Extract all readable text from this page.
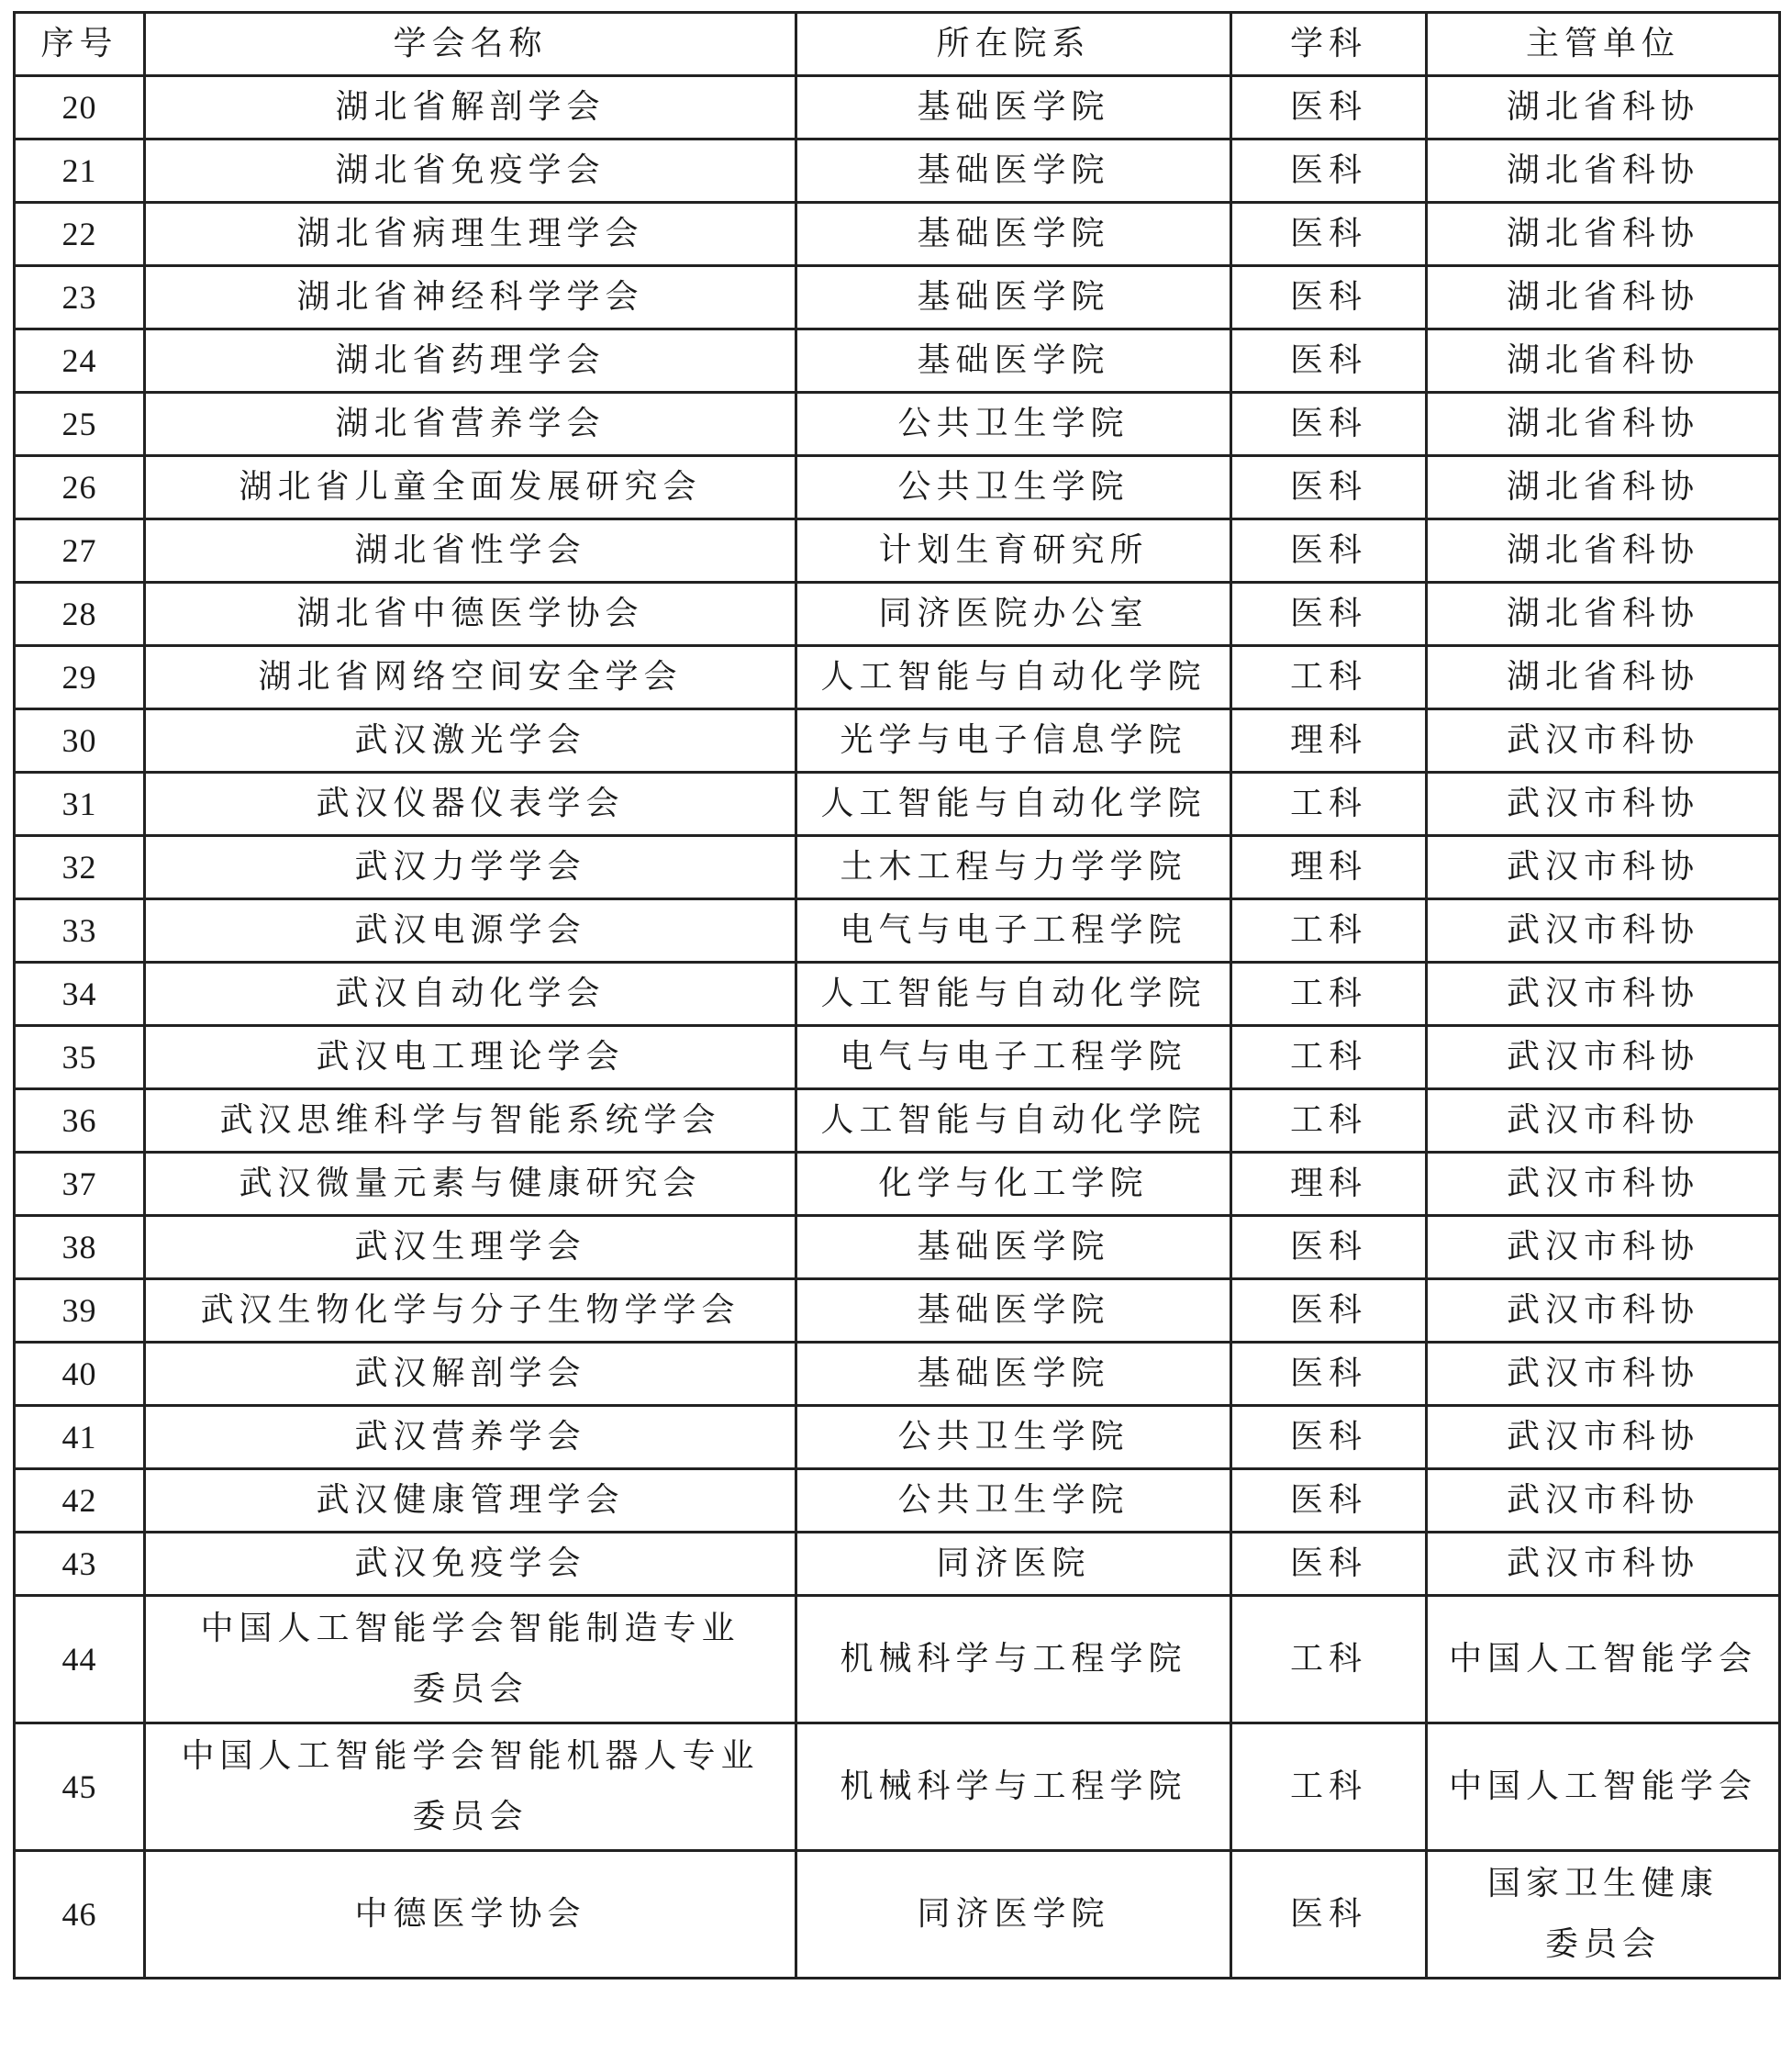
序号	学会名称	所在院系	学科	主管单位
20	湖北省解剖学会	基础医学院	医科	湖北省科协

21	湖北省免疫学会	基础医学院	医科	湖北省科协

22	湖北省病理生理学会	基础医学院	医科	湖北省科协

23	湖北省神经科学学会	基础医学院	医科	湖北省科协

24	湖北省药理学会	基础医学院	医科	湖北省科协

25	湖北省营养学会	公共卫生学院	医科	湖北省科协

26	湖北省儿童全面发展研究会	公共卫生学院	医科	湖北省科协

27	湖北省性学会	计划生育研究所	医科	湖北省科协

28	湖北省中德医学协会	同济医院办公室	医科	湖北省科协

29	湖北省网络空间安全学会	人工智能与自动化学院	工科	湖北省科协

30	武汉激光学会	光学与电子信息学院	理科	武汉市科协

31	武汉仪器仪表学会	人工智能与自动化学院	工科	武汉市科协

32	武汉力学学会	土木工程与力学学院	理科	武汉市科协

33	武汉电源学会	电气与电子工程学院	工科	武汉市科协

34	武汉自动化学会	人工智能与自动化学院	工科	武汉市科协

35	武汉电工理论学会	电气与电子工程学院	工科	武汉市科协

36	武汉思维科学与智能系统学会	人工智能与自动化学院	工科	武汉市科协

37	武汉微量元素与健康研究会	化学与化工学院	理科	武汉市科协

38	武汉生理学会	基础医学院	医科	武汉市科协

39	武汉生物化学与分子生物学学会	基础医学院	医科	武汉市科协

40	武汉解剖学会	基础医学院	医科	武汉市科协

41	武汉营养学会	公共卫生学院	医科	武汉市科协

42	武汉健康管理学会	公共卫生学院	医科	武汉市科协

43	武汉免疫学会	同济医院	医科	武汉市科协

44	中国人工智能学会智能制造专业
委员会	机械科学与工程学院	工科	中国人工智能学会

45	中国人工智能学会智能机器人专业
委员会	机械科学与工程学院	工科	中国人工智能学会

46	中德医学协会	同济医学院	医科	国家卫生健康
委员会
